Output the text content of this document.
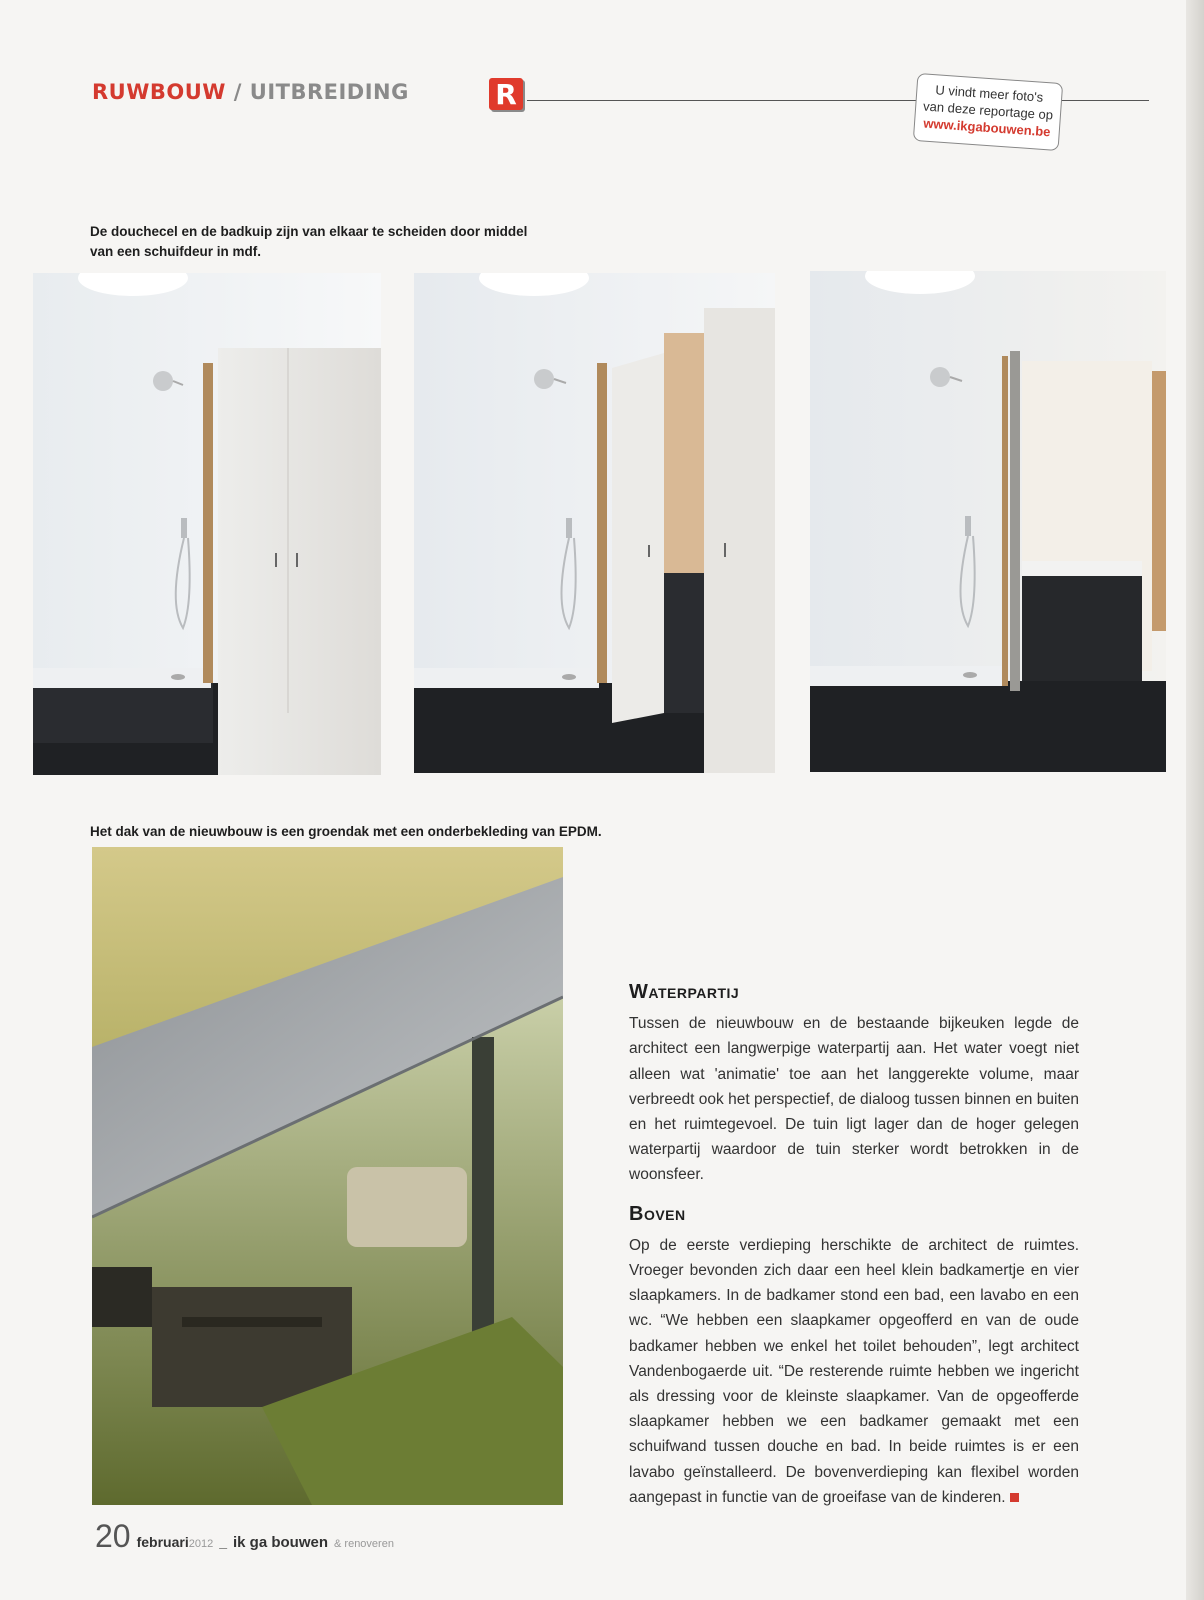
RUWBOUW / UITBREIDING	R	U vindt meer foto's
van deze reportage op
www.ikgabouwen.be
De douchecel en de badkuip zijn van elkaar te scheiden door middel van een schuifdeur in mdf.
Het dak van de nieuwbouw is een groendak met een onderbekleding van EPDM.
Waterpartij

Tussen de nieuwbouw en de bestaande bijkeuken legde de architect een langwerpige waterpartij aan. Het water voegt niet alleen wat 'animatie' toe aan het langgerekte volume, maar verbreedt ook het perspectief, de dialoog tussen binnen en buiten en het ruimtegevoel. De tuin ligt lager dan de hoger gelegen waterpartij waardoor de tuin sterker wordt betrokken in de woonsfeer.

Boven

Op de eerste verdieping herschikte de architect de ruimtes. Vroeger bevonden zich daar een heel klein badkamertje en vier slaapkamers. In de badkamer stond een bad, een lavabo en een wc. “We hebben een slaapkamer opgeofferd en van de oude badkamer hebben we enkel het toilet behouden”, legt architect Vandenbogaerde uit. “De resterende ruimte hebben we ingericht als dressing voor de kleinste slaapkamer. Van de opgeofferde slaapkamer hebben we een badkamer gemaakt met een schuifwand tussen douche en bad. In beide ruimtes is er een lavabo geïnstalleerd. De bovenverdieping kan flexibel worden aangepast in functie van de groeifase van de kinderen.

20 februari 2012 _ ik ga bouwen & renoveren
